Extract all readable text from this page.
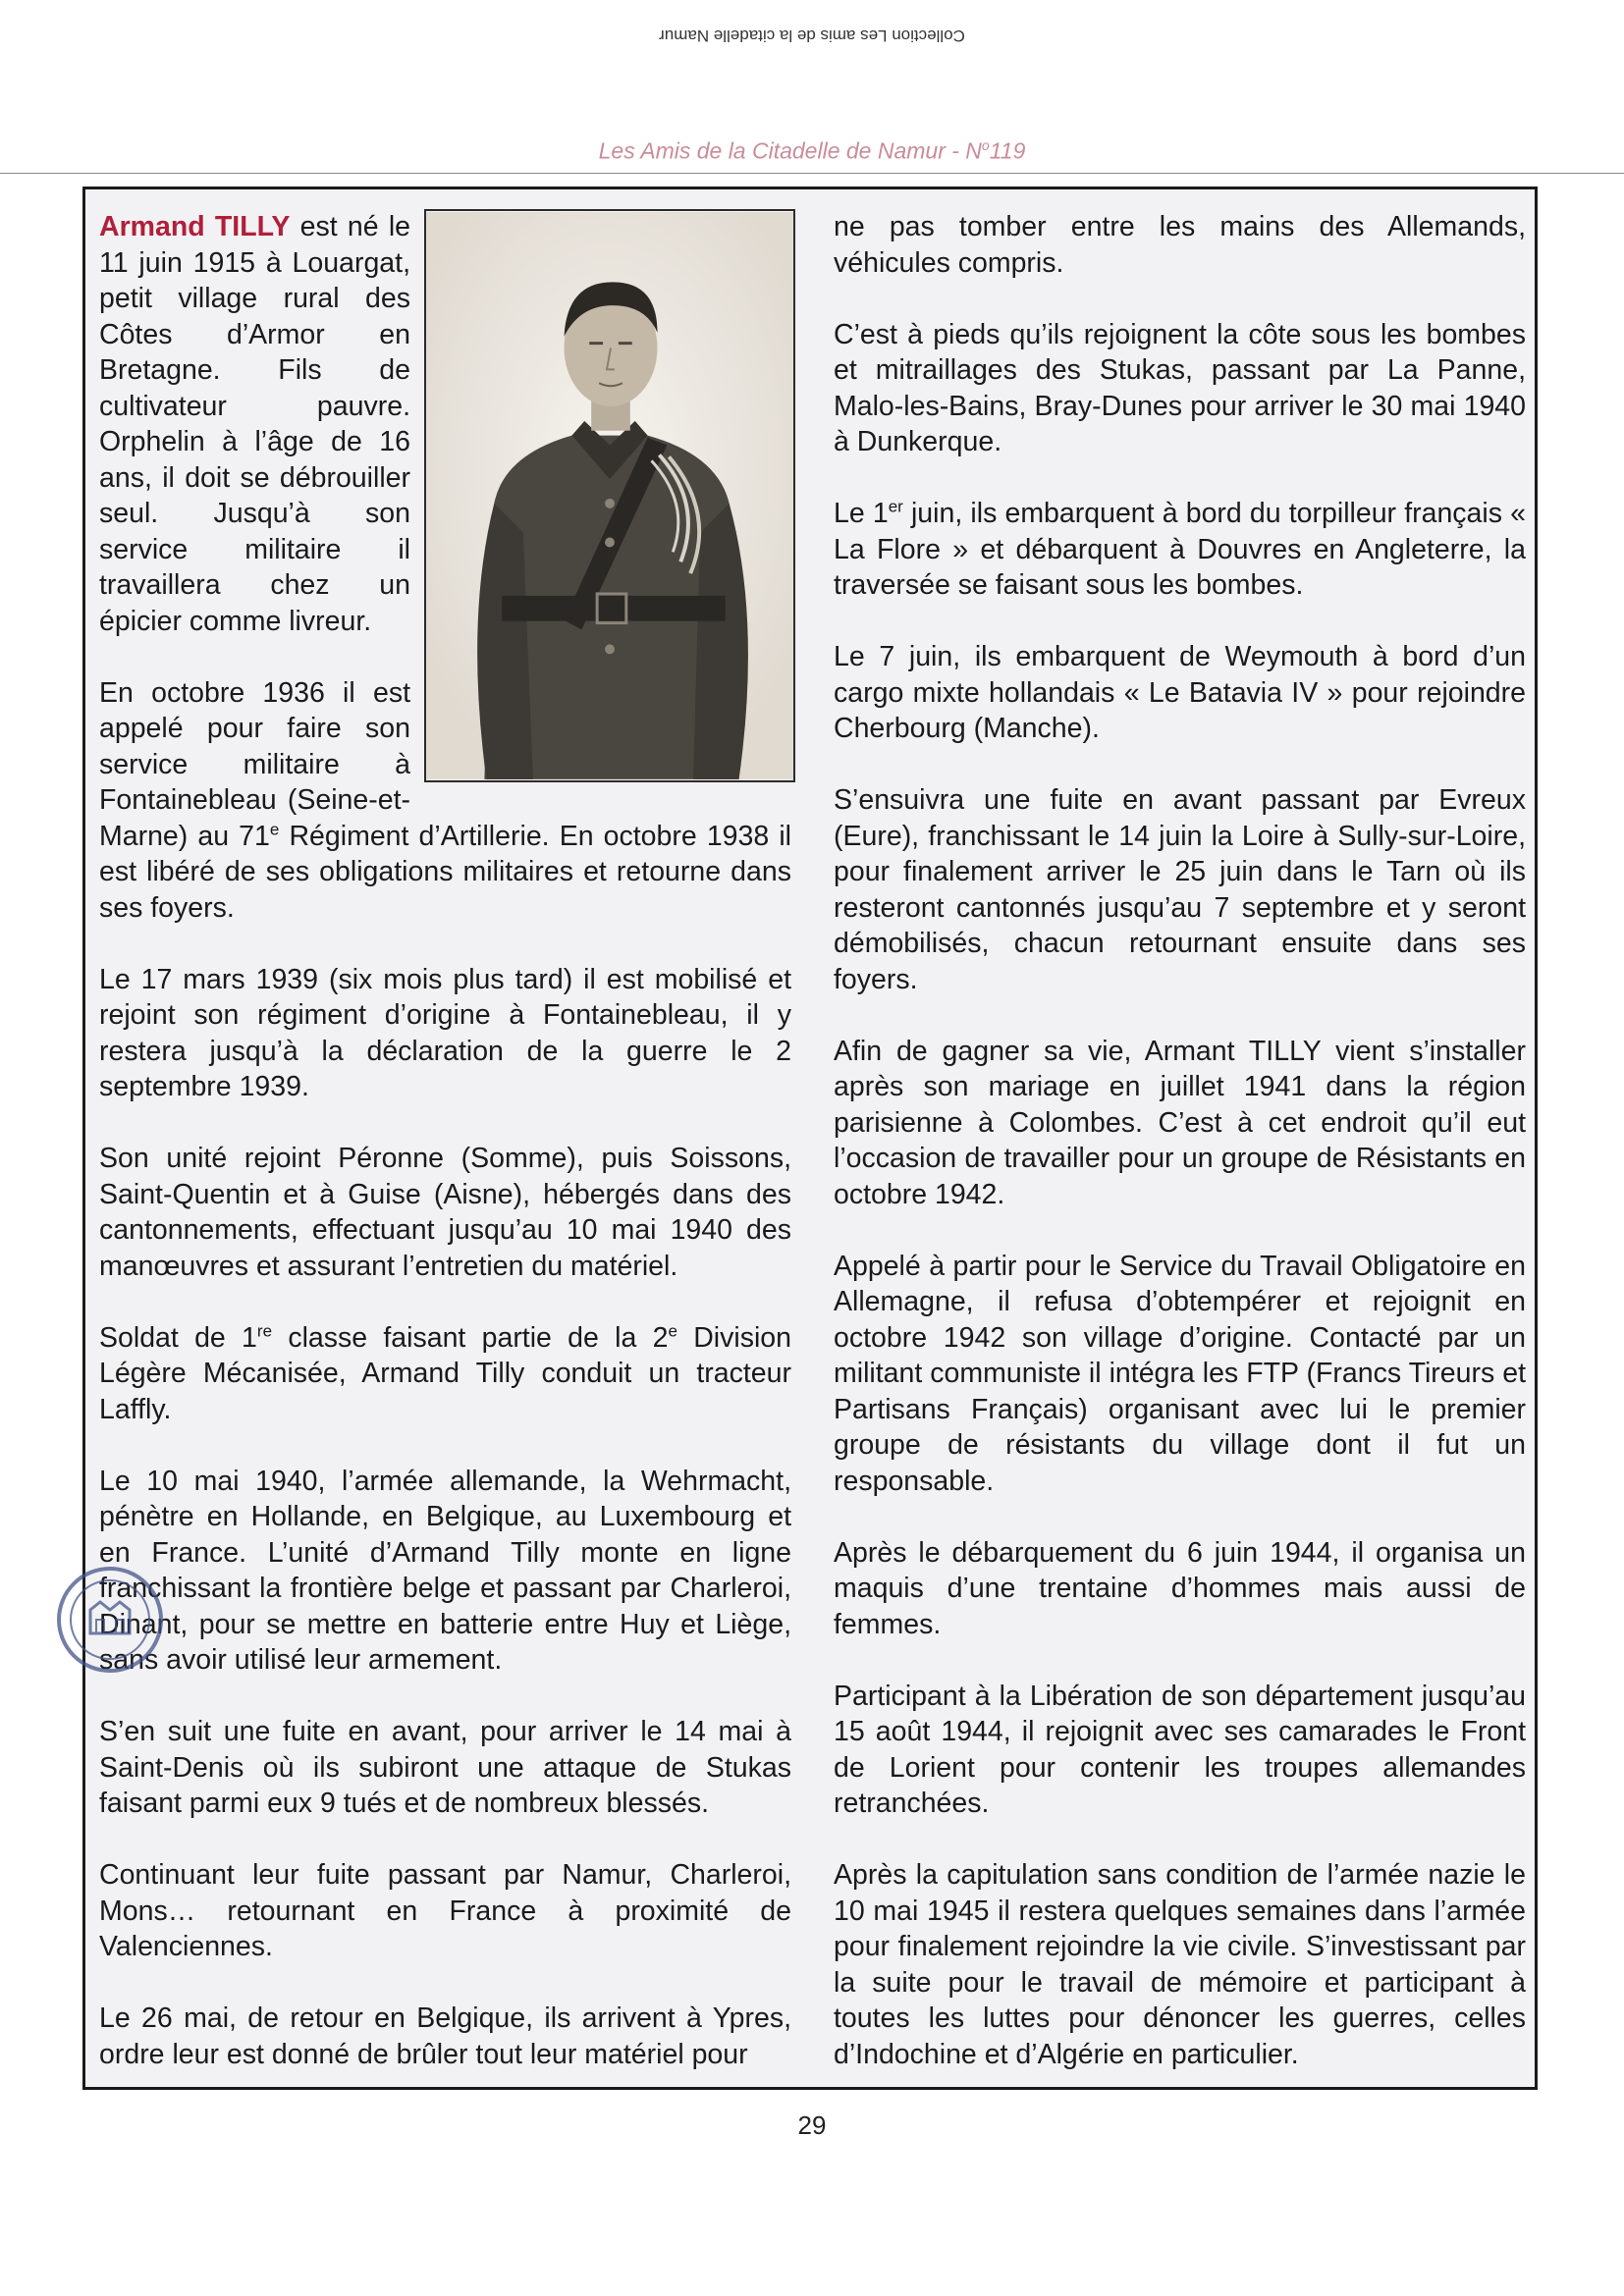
Collection Les amis de la citadelle Namur
Les Amis de la Citadelle de Namur - $N^o119$

Armand TILLY est né le 11 juin 1915 à Louargat, petit village rural des Côtes d’Armor en Bretagne. Fils de cultivateur pauvre. Orphelin à l’âge de 16 ans, il doit se débrouiller seul. Jusqu’à son service militaire il travaillera chez un épicier comme livreur.

En octobre 1936 il est appelé pour faire son service militaire à Fontainebleau (Seine-et-Marne) au 71e Régiment d’Artillerie. En octobre 1938 il est libéré de ses obligations militaires et retourne dans ses foyers.

Le 17 mars 1939 (six mois plus tard) il est mobilisé et rejoint son régiment d’origine à Fontainebleau, il y restera jusqu’à la déclaration de la guerre le 2 septembre 1939.

Son unité rejoint Péronne (Somme), puis Soissons, Saint-Quentin et à Guise (Aisne), hébergés dans des cantonnements, effectuant jusqu’au 10 mai 1940 des manœuvres et assurant l’entretien du matériel.

Soldat de 1re classe faisant partie de la 2e Division Légère Mécanisée, Armand Tilly conduit un tracteur Laffly.

Le 10 mai 1940, l’armée allemande, la Wehrmacht, pénètre en Hollande, en Belgique, au Luxembourg et en France. L’unité d’Armand Tilly monte en ligne franchissant la frontière belge et passant par Charleroi, Dinant, pour se mettre en batterie entre Huy et Liège, sans avoir utilisé leur armement.

S’en suit une fuite en avant, pour arriver le 14 mai à Saint-Denis où ils subiront une attaque de Stukas faisant parmi eux 9 tués et de nombreux blessés.

Continuant leur fuite passant par Namur, Charleroi, Mons… retournant en France à proximité de Valenciennes.

Le 26 mai, de retour en Belgique, ils arrivent à Ypres, ordre leur est donné de brûler tout leur matériel pour

ne pas tomber entre les mains des Allemands, véhicules compris.

C’est à pieds qu’ils rejoignent la côte sous les bombes et mitraillages des Stukas, passant par La Panne, Malo-les-Bains, Bray-Dunes pour arriver le 30 mai 1940 à Dunkerque.

Le 1er juin, ils embarquent à bord du torpilleur français « La Flore » et débarquent à Douvres en Angleterre, la traversée se faisant sous les bombes.

Le 7 juin, ils embarquent de Weymouth à bord d’un cargo mixte hollandais « Le Batavia IV » pour rejoindre Cherbourg (Manche).

S’ensuivra une fuite en avant passant par Evreux (Eure), franchissant le 14 juin la Loire à Sully-sur-Loire, pour finalement arriver le 25 juin dans le Tarn où ils resteront cantonnés jusqu’au 7 septembre et y seront démobilisés, chacun retournant ensuite dans ses foyers.

Afin de gagner sa vie, Armant TILLY vient s’installer après son mariage en juillet 1941 dans la région parisienne à Colombes. C’est à cet endroit qu’il eut l’occasion de travailler pour un groupe de Résistants en octobre 1942.

Appelé à partir pour le Service du Travail Obligatoire en Allemagne, il refusa d’obtempérer et rejoignit en octobre 1942 son village d’origine. Contacté par un militant communiste il intégra les FTP (Francs Tireurs et Partisans Français) organisant avec lui le premier groupe de résistants du village dont il fut un responsable.

Après le débarquement du 6 juin 1944, il organisa un maquis d’une trentaine d’hommes mais aussi de femmes.

Participant à la Libération de son département jusqu’au 15 août 1944, il rejoignit avec ses camarades le Front de Lorient pour contenir les troupes allemandes retranchées.

Après la capitulation sans condition de l’armée nazie le 10 mai 1945 il restera quelques semaines dans l’armée pour finalement rejoindre la vie civile. S’investissant par la suite pour le travail de mémoire et participant à toutes les luttes pour dénoncer les guerres, celles d’Indochine et d’Algérie en particulier.

29
